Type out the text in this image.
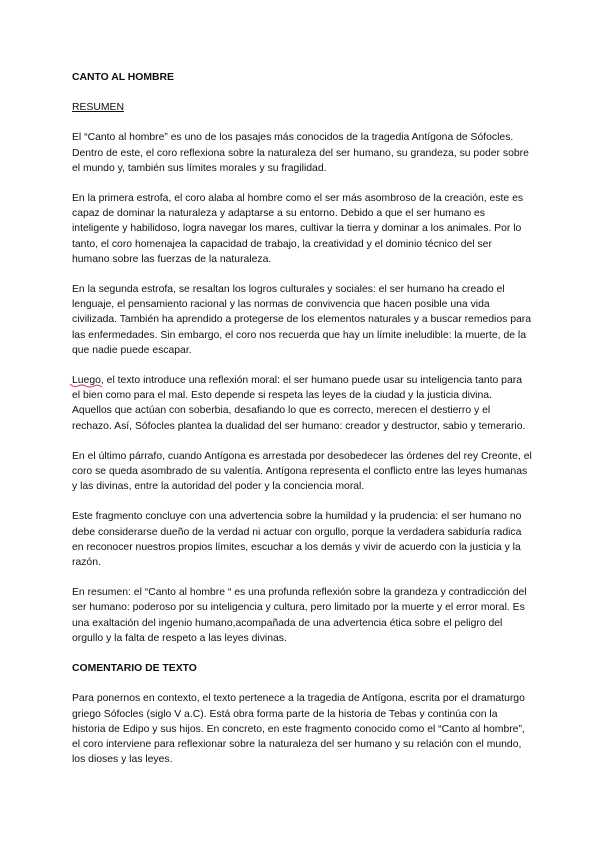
CANTO AL HOMBRE

RESUMEN

El “Canto al hombre” es uno de los pasajes más conocidos de la tragedia Antígona de Sófocles. Dentro de este, el coro reflexiona sobre la naturaleza del ser humano, su grandeza, su poder sobre el mundo y, también sus límites morales y su fragilidad.

En la primera estrofa, el coro alaba al hombre como el ser más asombroso de la creación, este es capaz de dominar la naturaleza y adaptarse a su entorno. Debido a que el ser humano es inteligente y habilidoso, logra navegar los mares, cultivar la tierra y dominar a los animales. Por lo tanto, el coro homenajea la capacidad de trabajo, la creatividad y el dominio técnico del ser humano sobre las fuerzas de la naturaleza.

En la segunda estrofa, se resaltan los logros culturales y sociales: el ser humano ha creado el lenguaje, el pensamiento racional y las normas de convivencia que hacen posible una vida civilizada. También ha aprendido a protegerse de los elementos naturales y a buscar remedios para las enfermedades. Sin embargo, el coro nos recuerda que hay un límite ineludible: la muerte, de la que nadie puede escapar.

Luego
, el texto introduce una reflexión moral: el ser humano puede usar su inteligencia tanto para el bien como para el mal. Esto depende si respeta las leyes de la ciudad y la justicia divina. Aquellos que actúan con soberbia, desafiando lo que es correcto, merecen el destierro y el rechazo. Así, Sófocles plantea la dualidad del ser humano: creador y destructor, sabio y temerario.

En el último párrafo, cuando Antígona es arrestada por desobedecer las órdenes del rey Creonte, el coro se queda asombrado de su valentía. Antígona representa el conflicto entre las leyes humanas y las divinas, entre la autoridad del poder y la conciencia moral.

Este fragmento concluye con una advertencia sobre la humildad y la prudencia: el ser humano no debe considerarse dueño de la verdad ni actuar con orgullo, porque la verdadera sabiduría radica en reconocer nuestros propios límites, escuchar a los demás y vivir de acuerdo con la justicia y la razón.

En resumen: el “Canto al hombre “ es una profunda reflexión sobre la grandeza y contradicción del ser humano: poderoso por su inteligencia y cultura, pero limitado por la muerte y el error moral. Es una exaltación del ingenio humano,acompañada de una advertencia ética sobre el peligro del orgullo y la falta de respeto a las leyes divinas.

COMENTARIO DE TEXTO

Para ponernos en contexto, el texto pertenece a la tragedia de Antígona, escrita por el dramaturgo griego Sófocles (siglo V a.C). Está obra forma parte de la historia de Tebas y continúa con la historia de Edipo y sus hijos. En concreto, en este fragmento conocido como el “Canto al hombre”, el coro interviene para reflexionar sobre la naturaleza del ser humano y su relación con el mundo, los dioses y las leyes.
